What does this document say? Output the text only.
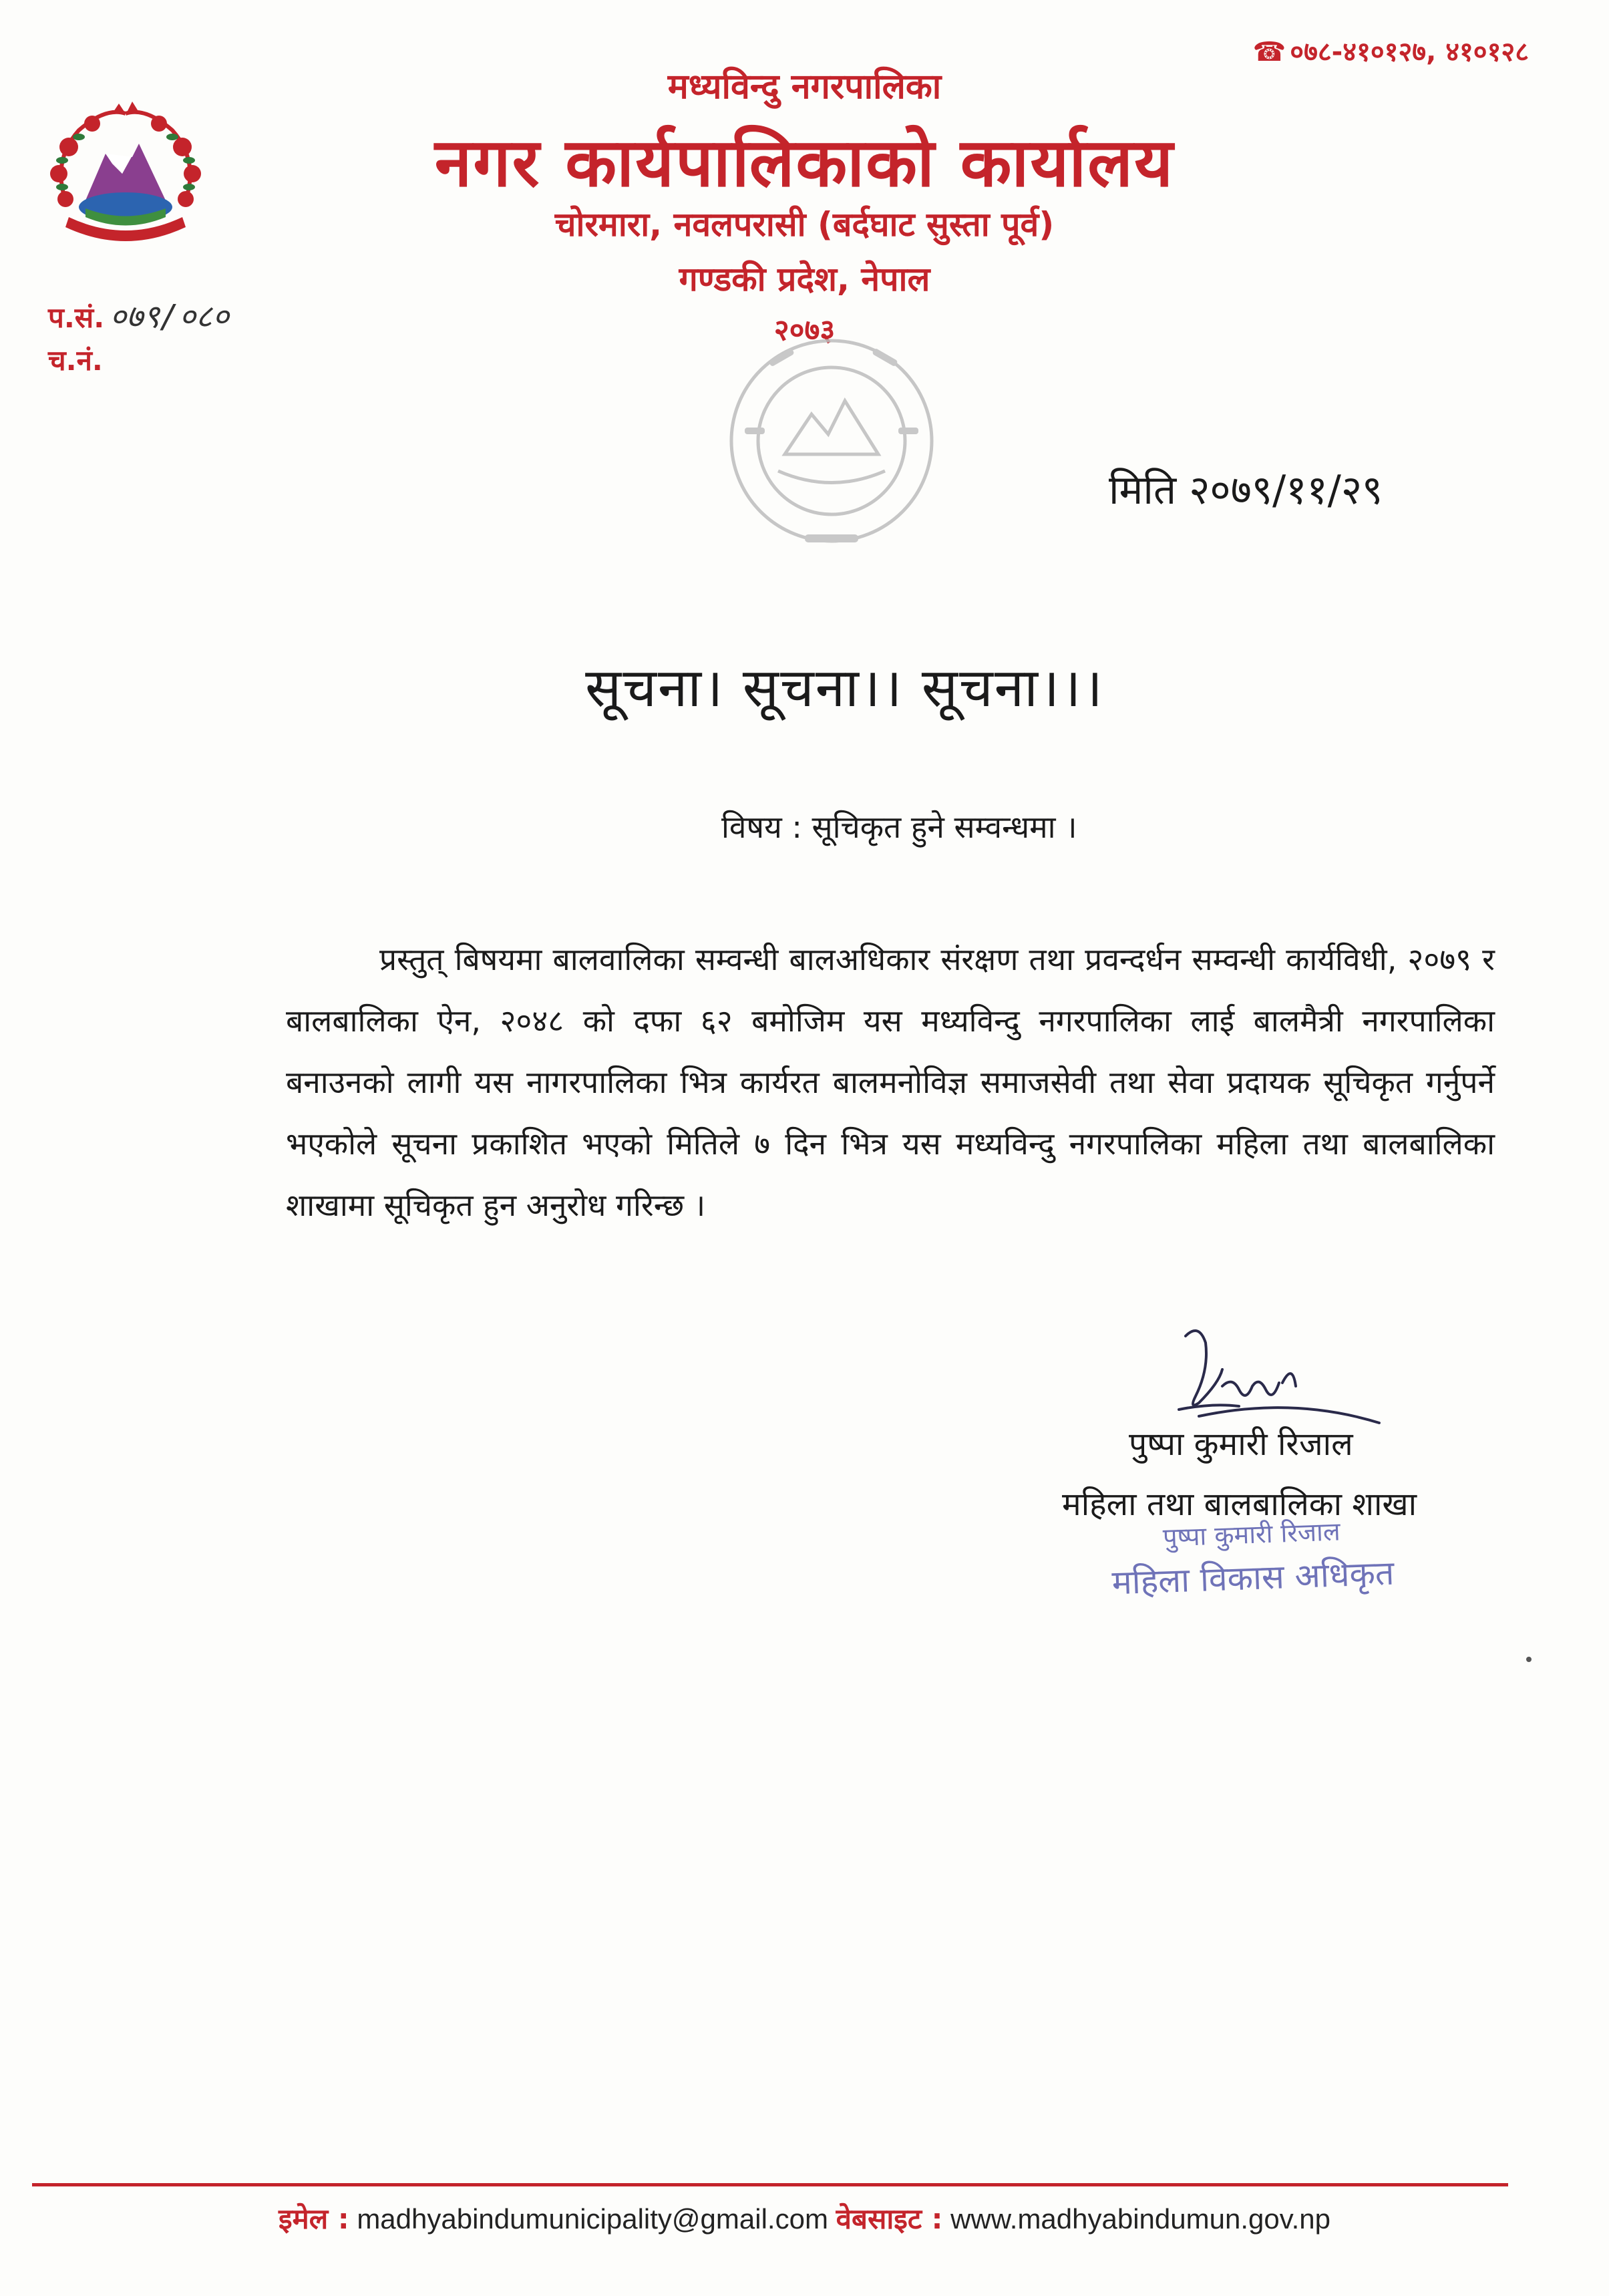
☎ ०७८-४१०१२७, ४१०१२८
मध्यविन्दु नगरपालिका
नगर कार्यपालिकाको कार्यालय
चोरमारा, नवलपरासी (बर्दघाट सुस्ता पूर्व)
गण्डकी प्रदेश, नेपाल
२०७३
प.सं. ०७९/०८०
च.नं.
मिति २०७९/११/२९
सूचना। सूचना।। सूचना।।।
विषय : सूचिकृत हुने सम्वन्धमा ।
प्रस्तुत् बिषयमा बालवालिका सम्वन्धी बालअधिकार संरक्षण तथा प्रवन्दर्धन सम्वन्धी कार्यविधी, २०७९ र बालबालिका ऐन, २०४८ को दफा ६२ बमोजिम यस मध्यविन्दु नगरपालिका लाई बालमैत्री नगरपालिका बनाउनको लागी यस नागरपालिका भित्र कार्यरत बालमनोविज्ञ समाजसेवी तथा सेवा प्रदायक सूचिकृत गर्नुपर्ने भएकोले सूचना प्रकाशित भएको मितिले ७ दिन भित्र यस मध्यविन्दु नगरपालिका महिला तथा बालबालिका शाखामा सूचिकृत हुन अनुरोध गरिन्छ ।
पुष्पा कुमारी रिजाल
महिला तथा बालबालिका शाखा
पुष्पा कुमारी रिजाल
महिला विकास अधिकृत
इमेल : madhyabindumunicipality@gmail.com वेबसाइट : www.madhyabindumun.gov.np
